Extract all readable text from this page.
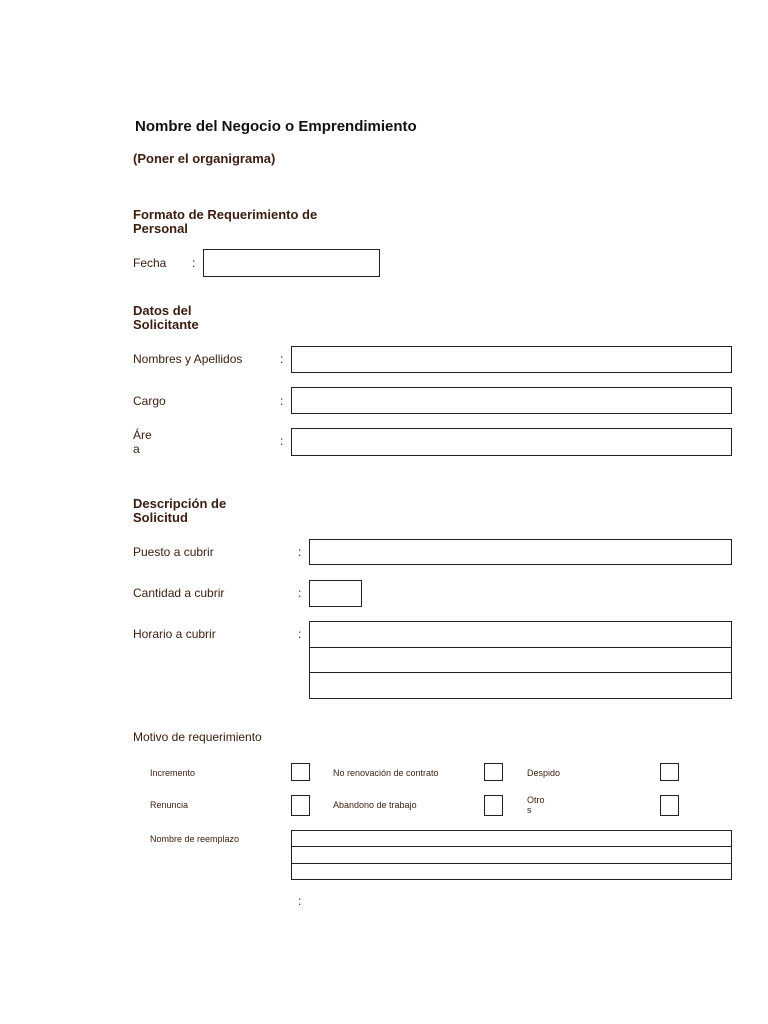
Nombre del Negocio o Emprendimiento
(Poner el organigrama)
Formato de Requerimiento de
Personal
Fecha :
Datos del
Solicitante
Nombres y Apellidos	:
Cargo	:
Áre
a
:
Descripción de
Solicitud
Puesto a cubrir	:
Cantidad a cubrir	:
Horario a cubrir	:
Motivo de requerimiento
Incremento	No renovación de contrato	Despido
Renuncia	Abandono de trabajo	Otro
s
Nombre de reemplazo
:
